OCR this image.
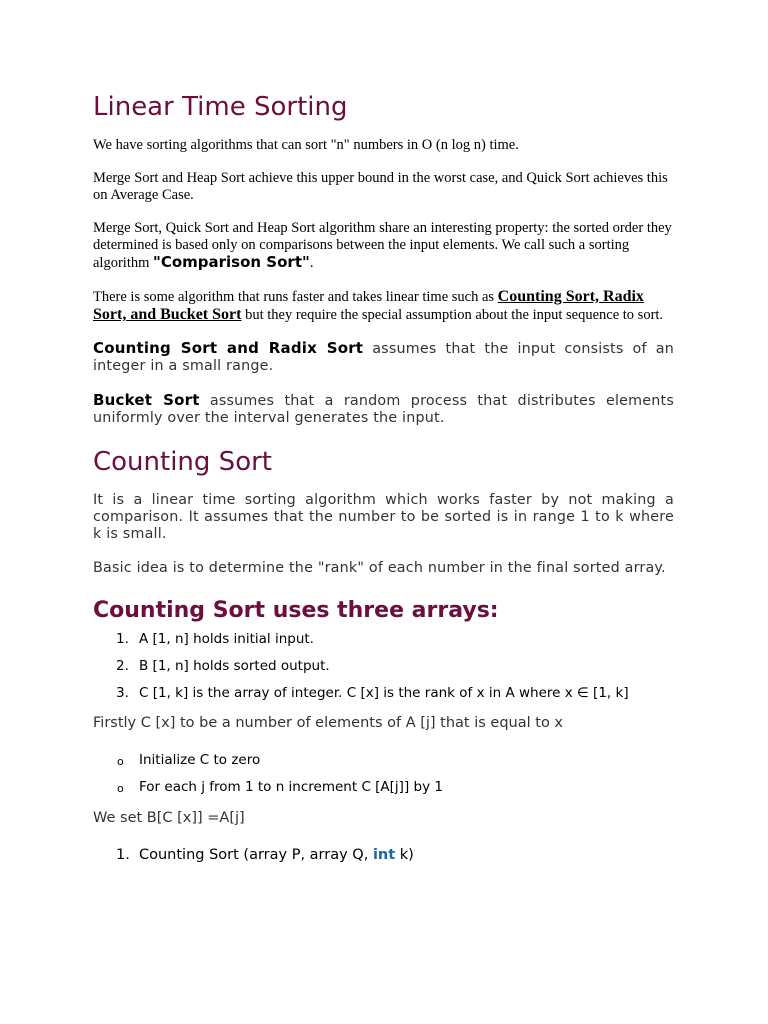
Linear Time Sorting

We have sorting algorithms that can sort "n" numbers in O (n log n) time.

Merge Sort and Heap Sort achieve this upper bound in the worst case, and Quick Sort achieves this on Average Case.

Merge Sort, Quick Sort and Heap Sort algorithm share an interesting property: the sorted order they determined is based only on comparisons between the input elements. We call such a sorting algorithm "Comparison Sort".

There is some algorithm that runs faster and takes linear time such as Counting Sort, Radix Sort, and Bucket Sort but they require the special assumption about the input sequence to sort.

Counting Sort and Radix Sort assumes that the input consists of an integer in a small range.

Bucket Sort assumes that a random process that distributes elements uniformly over the interval generates the input.

Counting Sort

It is a linear time sorting algorithm which works faster by not making a comparison. It assumes that the number to be sorted is in range 1 to k where k is small.

Basic idea is to determine the "rank" of each number in the final sorted array.

Counting Sort uses three arrays:
1. A [1, n] holds initial input.
2. B [1, n] holds sorted output.
3. C [1, k] is the array of integer. C [x] is the rank of x in A where x ∈ [1, k]

Firstly C [x] to be a number of elements of A [j] that is equal to x

o Initialize C to zero
o For each j from 1 to n increment C [A[j]] by 1

We set B[C [x]] =A[j]

1. Counting Sort (array P, array Q, int k)
